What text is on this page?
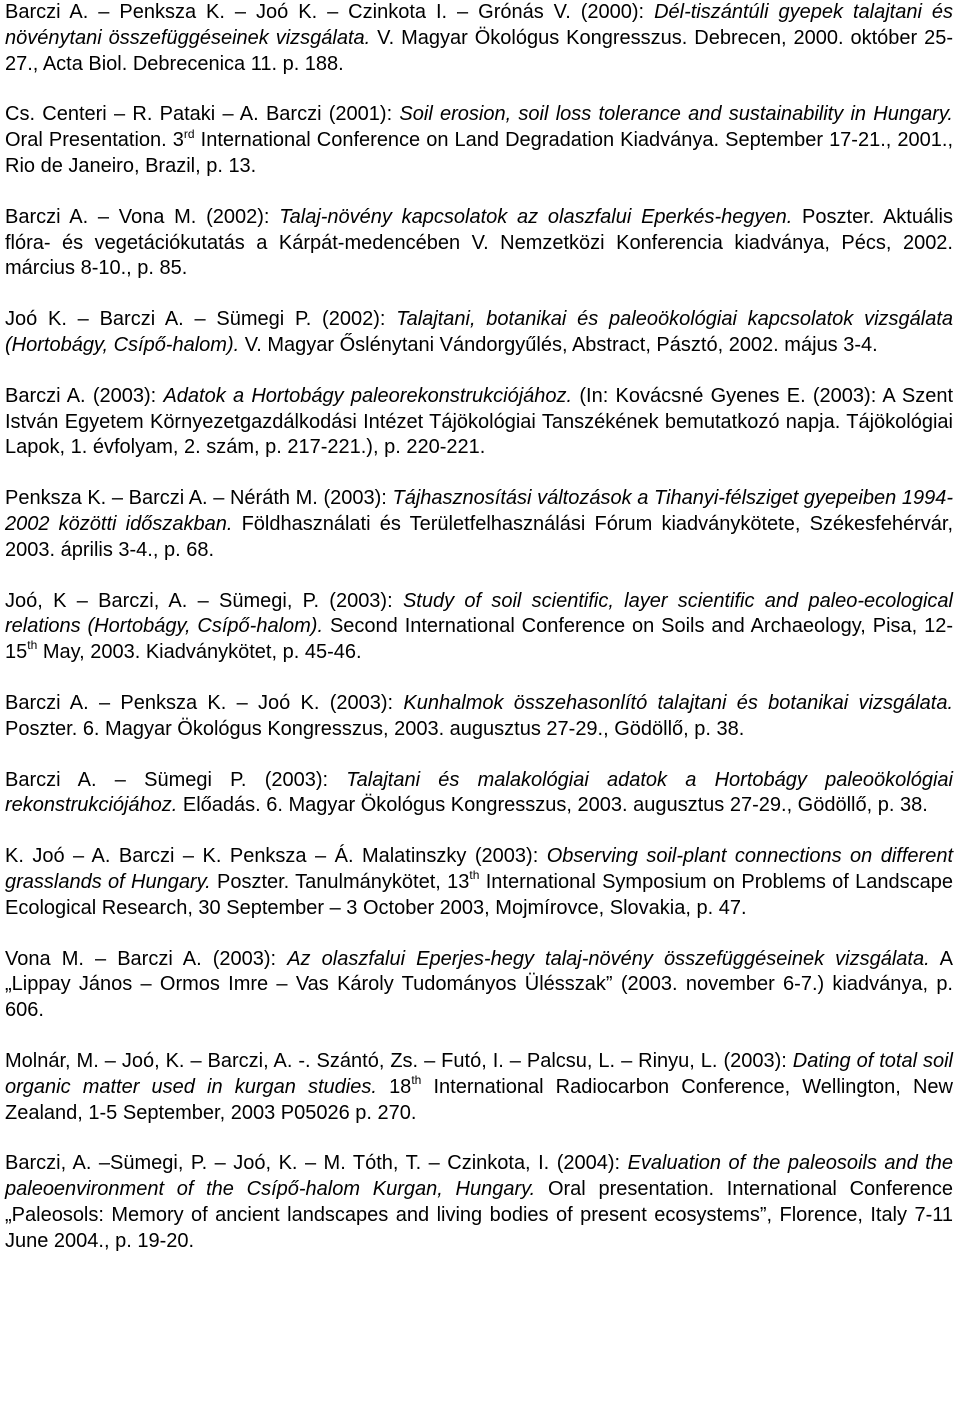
Barczi A. ‒ Penksza K. ‒ Joó K. ‒ Czinkota I. ‒ Grónás V. (2000): Dél-tiszántúli gyepek talajtani és növénytani összefüggéseinek vizsgálata. V. Magyar Ökológus Kongresszus. Debrecen, 2000. október 25-27., Acta Biol. Debrecenica 11. p. 188.

Cs. Centeri ‒ R. Pataki ‒ A. Barczi (2001): Soil erosion, soil loss tolerance and sustainability in Hungary. Oral Presentation. 3rd International Conference on Land Degradation Kiadványa. September 17-21., 2001., Rio de Janeiro, Brazil, p. 13.

Barczi A. ‒ Vona M. (2002): Talaj-növény kapcsolatok az olaszfalui Eperkés-hegyen. Poszter. Aktuális flóra- és vegetációkutatás a Kárpát-medencében V. Nemzetközi Konferencia kiadványa, Pécs, 2002. március 8-10., p. 85.

Joó K. ‒ Barczi A. ‒ Sümegi P. (2002): Talajtani, botanikai és paleoökológiai kapcsolatok vizsgálata (Hortobágy, Csípő-halom). V. Magyar Őslénytani Vándorgyűlés, Abstract, Pásztó, 2002. május 3-4.

Barczi A. (2003): Adatok a Hortobágy paleorekonstrukciójához. (In: Kovácsné Gyenes E. (2003): A Szent István Egyetem Környezetgazdálkodási Intézet Tájökológiai Tanszékének bemutatkozó napja. Tájökológiai Lapok, 1. évfolyam, 2. szám, p. 217-221.), p. 220-221.

Penksza K. ‒ Barczi A. ‒ Néráth M. (2003): Tájhasznosítási változások a Tihanyi-félsziget gyepeiben 1994-2002 közötti időszakban. Földhasználati és Területfelhasználási Fórum kiadványkötete, Székesfehérvár, 2003. április 3-4., p. 68.

Joó, K ‒ Barczi, A. ‒ Sümegi, P. (2003): Study of soil scientific, layer scientific and paleo-ecological relations (Hortobágy, Csípő-halom). Second International Conference on Soils and Archaeology, Pisa, 12-15th May, 2003. Kiadványkötet, p. 45-46.

Barczi A. ‒ Penksza K. ‒ Joó K. (2003): Kunhalmok összehasonlító talajtani és botanikai vizsgálata. Poszter. 6. Magyar Ökológus Kongresszus, 2003. augusztus 27-29., Gödöllő, p. 38.

Barczi A. ‒ Sümegi P. (2003): Talajtani és malakológiai adatok a Hortobágy paleoökológiai rekonstrukciójához. Előadás. 6. Magyar Ökológus Kongresszus, 2003. augusztus 27-29., Gödöllő, p. 38.

K. Joó ‒ A. Barczi ‒ K. Penksza ‒ Á. Malatinszky (2003): Observing soil-plant connections on different grasslands of Hungary. Poszter. Tanulmánykötet, 13th International Symposium on Problems of Landscape Ecological Research, 30 September ‒ 3 October 2003, Mojmírovce, Slovakia, p. 47.

Vona M. ‒ Barczi A. (2003): Az olaszfalui Eperjes-hegy talaj-növény összefüggéseinek vizsgálata. A „Lippay János ‒ Ormos Imre ‒ Vas Károly Tudományos Ülésszak” (2003. november 6-7.) kiadványa, p. 606.

Molnár, M. ‒ Joó, K. ‒ Barczi, A. -. Szántó, Zs. ‒ Futó, I. ‒ Palcsu, L. ‒ Rinyu, L. (2003): Dating of total soil organic matter used in kurgan studies. 18th International Radiocarbon Conference, Wellington, New Zealand, 1-5 September, 2003 P05026 p. 270.

Barczi, A. ‒Sümegi, P. ‒ Joó, K. ‒ M. Tóth, T. ‒ Czinkota, I. (2004): Evaluation of the paleosoils and the paleoenvironment of the Csípő-halom Kurgan, Hungary. Oral presentation. International Conference „Paleosols: Memory of ancient landscapes and living bodies of present ecosystems”, Florence, Italy 7-11 June 2004., p. 19-20.
